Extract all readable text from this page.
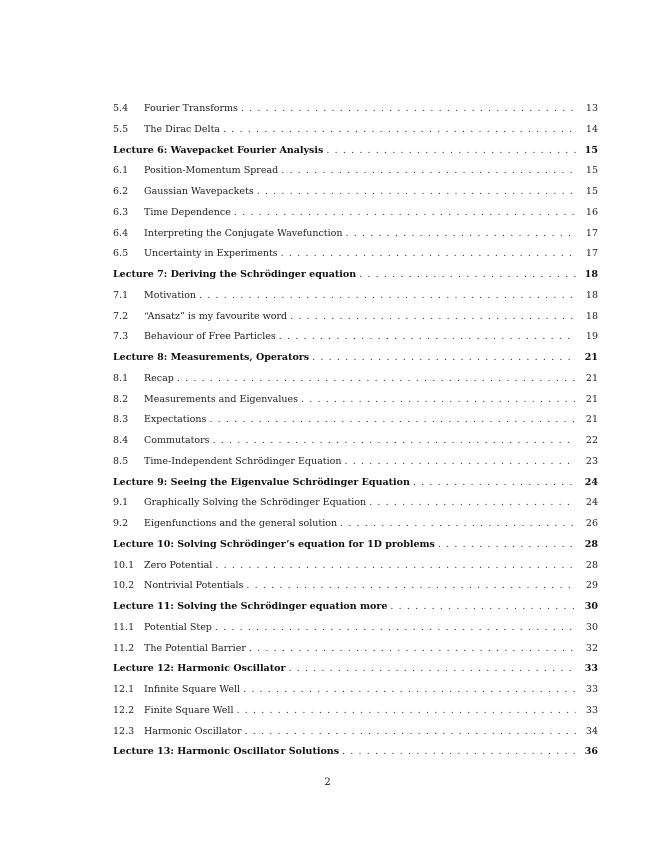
5.4	Fourier Transforms . . .	13
5.5	The Dirac Delta . . .	14
Lecture 6: Wavepacket Fourier Analysis . . .	15
6.1	Position-Momentum Spread . . .	15
6.2	Gaussian Wavepackets . . .	15
6.3	Time Dependence . . .	16
6.4	Interpreting the Conjugate Wavefunction . . .	17
6.5	Uncertainty in Experiments . . .	17
Lecture 7: Deriving the Schrödinger equation . . .	18
7.1	Motivation . . .	18
7.2	“Ansatz” is my favourite word . . .	18
7.3	Behaviour of Free Particles . . .	19
Lecture 8: Measurements, Operators . . .	21
8.1	Recap . . .	21
8.2	Measurements and Eigenvalues . . .	21
8.3	Expectations . . .	21
8.4	Commutators . . .	22
8.5	Time-Independent Schrödinger Equation . . .	23
Lecture 9: Seeing the Eigenvalue Schrödinger Equation . . .	24
9.1	Graphically Solving the Schrödinger Equation . . .	24
9.2	Eigenfunctions and the general solution . . .	26
Lecture 10: Solving Schrödinger’s equation for 1D problems . . .	28
10.1	Zero Potential . . .	28
10.2	Nontrivial Potentials . . .	29
Lecture 11: Solving the Schrödinger equation more . . .	30
11.1	Potential Step . . .	30
11.2	The Potential Barrier . . .	32
Lecture 12: Harmonic Oscillator . . .	33
12.1	Infinite Square Well . . .	33
12.2	Finite Square Well . . .	33
12.3	Harmonic Oscillator . . .	34
Lecture 13: Harmonic Oscillator Solutions . . .	36
2
